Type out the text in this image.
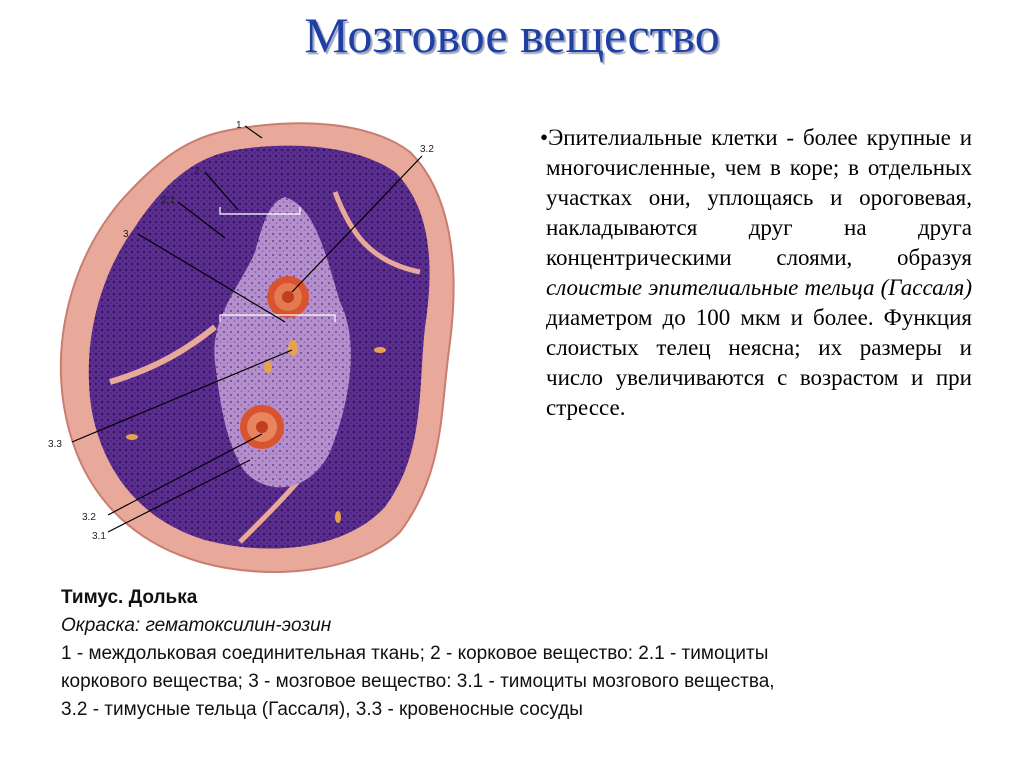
Мозговое вещество
1
2
2.1
3
3.2
3.3
3.2
3.1
•Эпителиальные клетки - более крупные и многочисленные, чем в коре; в отдельных участках они, уплощаясь и ороговевая, накладываются друг на друга концентрическими слоями, образуя слоистые эпителиальные тельца (Гассаля) диаметром до 100 мкм и более. Функция слоистых телец неясна; их размеры и число увеличиваются с возрастом и при стрессе.
Тимус. Долька
Окраска: гематоксилин-эозин
1 - междольковая соединительная ткань; 2 - корковое вещество: 2.1 - тимоциты
коркового вещества; 3 - мозговое вещество: 3.1 - тимоциты мозгового вещества,
3.2 - тимусные тельца (Гассаля), 3.3 - кровеносные сосуды
